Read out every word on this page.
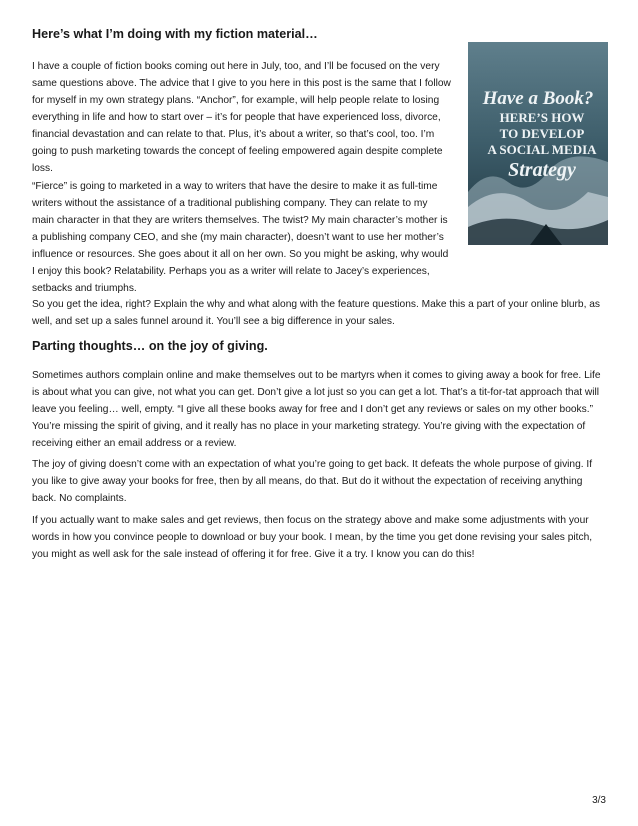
Here’s what I’m doing with my fiction material…

I have a couple of fiction books coming out here in July, too, and I’ll be focused on the very same questions above. The advice that I give to you here in this post is the same that I follow for myself in my own strategy plans. “Anchor”, for example, will help people relate to losing everything in life and how to start over – it’s for people that have experienced loss, divorce, financial devastation and can relate to that. Plus, it’s about a writer, so that’s cool, too. I’m going to push marketing towards the concept of feeling empowered again despite complete loss.

“Fierce” is going to marketed in a way to writers that have the desire to make it as full-time writers without the assistance of a traditional publishing company. They can relate to my main character in that they are writers themselves. The twist? My main character’s mother is a publishing company CEO, and she (my main character), doesn’t want to use her mother’s influence or resources. She goes about it all on her own. So you might be asking, why would I enjoy this book? Relatability. Perhaps you as a writer will relate to Jacey’s experiences, setbacks and triumphs.

So you get the idea, right? Explain the why and what along with the feature questions. Make this a part of your online blurb, as well, and set up a sales funnel around it. You’ll see a big difference in your sales.

Have a Book?
HERE’S HOW
TO DEVELOP
A SOCIAL MEDIA
Strategy
Parting thoughts… on the joy of giving.

Sometimes authors complain online and make themselves out to be martyrs when it comes to giving away a book for free. Life is about what you can give, not what you can get. Don’t give a lot just so you can get a lot. That’s a tit-for-tat approach that will leave you feeling… well, empty. “I give all these books away for free and I don’t get any reviews or sales on my other books.” You’re missing the spirit of giving, and it really has no place in your marketing strategy. You’re giving with the expectation of receiving either an email address or a review.

The joy of giving doesn’t come with an expectation of what you’re going to get back. It defeats the whole purpose of giving. If you like to give away your books for free, then by all means, do that. But do it without the expectation of receiving anything back. No complaints.

If you actually want to make sales and get reviews, then focus on the strategy above and make some adjustments with your words in how you convince people to download or buy your book. I mean, by the time you get done revising your sales pitch, you might as well ask for the sale instead of offering it for free. Give it a try. I know you can do this!

3/3
